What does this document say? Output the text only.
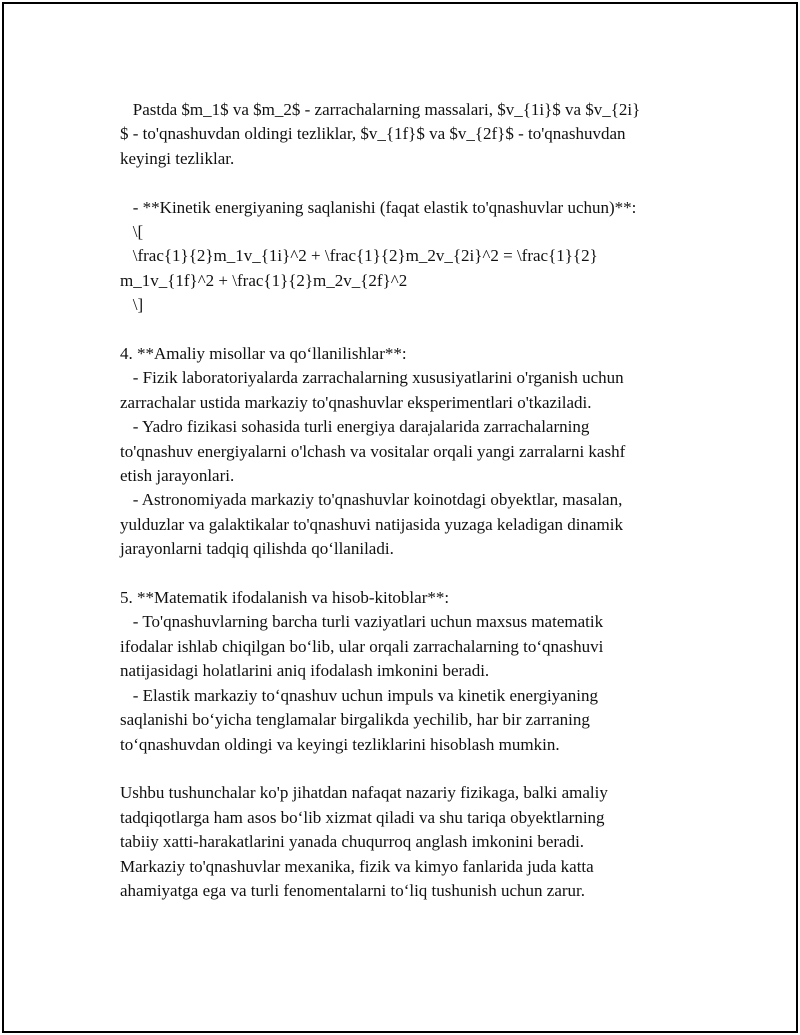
Pastda $m_1$ va $m_2$ - zarrachalarning massalari, $v_{1i}$ va $v_{2i}
$ - to'qnashuvdan oldingi tezliklar, $v_{1f}$ va $v_{2f}$ - to'qnashuvdan
keyingi tezliklar.
- **Kinetik energiyaning saqlanishi (faqat elastik to'qnashuvlar uchun)**:
\[
\frac{1}{2}m_1v_{1i}^2 + \frac{1}{2}m_2v_{2i}^2 = \frac{1}{2}
m_1v_{1f}^2 + \frac{1}{2}m_2v_{2f}^2
\]
4. **Amaliy misollar va qo‘llanilishlar**:
- Fizik laboratoriyalarda zarrachalarning xususiyatlarini o'rganish uchun
zarrachalar ustida markaziy to'qnashuvlar eksperimentlari o'tkaziladi.
- Yadro fizikasi sohasida turli energiya darajalarida zarrachalarning
to'qnashuv energiyalarni o'lchash va vositalar orqali yangi zarralarni kashf
etish jarayonlari.
- Astronomiyada markaziy to'qnashuvlar koinotdagi obyektlar, masalan,
yulduzlar va galaktikalar to'qnashuvi natijasida yuzaga keladigan dinamik
jarayonlarni tadqiq qilishda qo‘llaniladi.
5. **Matematik ifodalanish va hisob-kitoblar**:
- To'qnashuvlarning barcha turli vaziyatlari uchun maxsus matematik
ifodalar ishlab chiqilgan bo‘lib, ular orqali zarrachalarning to‘qnashuvi
natijasidagi holatlarini aniq ifodalash imkonini beradi.
- Elastik markaziy to‘qnashuv uchun impuls va kinetik energiyaning
saqlanishi bo‘yicha tenglamalar birgalikda yechilib, har bir zarraning
to‘qnashuvdan oldingi va keyingi tezliklarini hisoblash mumkin.
Ushbu tushunchalar ko'p jihatdan nafaqat nazariy fizikaga, balki amaliy
tadqiqotlarga ham asos bo‘lib xizmat qiladi va shu tariqa obyektlarning
tabiiy xatti-harakatlarini yanada chuqurroq anglash imkonini beradi.
Markaziy to'qnashuvlar mexanika, fizik va kimyo fanlarida juda katta
ahamiyatga ega va turli fenomentalarni to‘liq tushunish uchun zarur.
